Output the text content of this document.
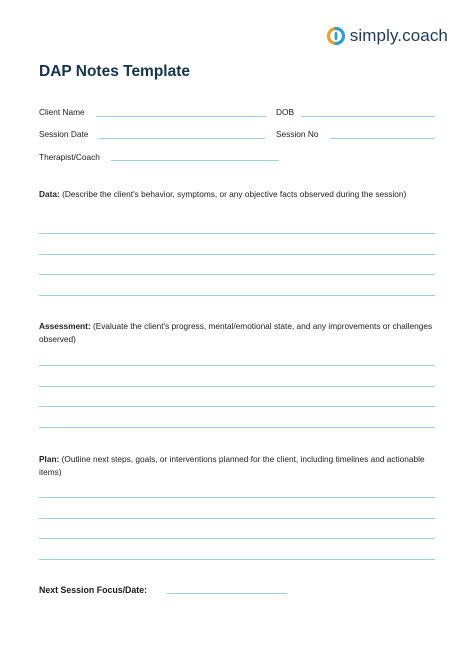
simply.coach
DAP Notes Template
Client Name	DOB
Session Date	Session No
Therapist/Coach
Data: (Describe the client's behavior, symptoms, or any objective facts observed during the session)
Assessment: (Evaluate the client's progress, mental/emotional state, and any improvements or challenges observed)
Plan: (Outline next steps, goals, or interventions planned for the client, including timelines and actionable items)
Next Session Focus/Date:
